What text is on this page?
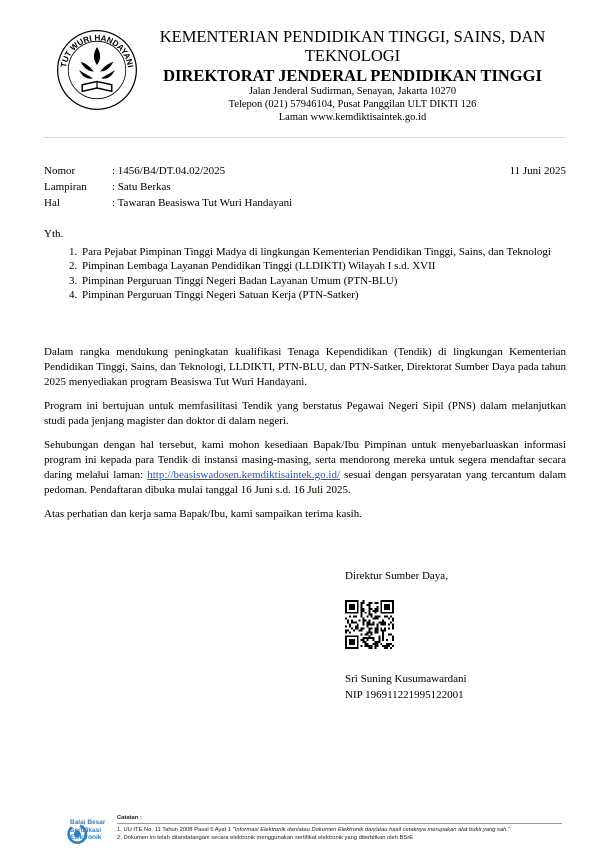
TUT WURI HANDAYANI
KEMENTERIAN PENDIDIKAN TINGGI, SAINS, DAN TEKNOLOGI
DIREKTORAT JENDERAL PENDIDIKAN TINGGI
Jalan Jenderal Sudirman, Senayan, Jakarta 10270
Telepon (021) 57946104, Pusat Panggilan ULT DIKTI 126
Laman www.kemdiktisaintek.go.id
Nomor	: 1456/B4/DT.04.02/2025	11 Juni 2025
Lampiran : Satu Berkas
Hal	: Tawaran Beasiswa Tut Wuri Handayani
Yth.
1. Para Pejabat Pimpinan Tinggi Madya di lingkungan Kementerian Pendidikan Tinggi, Sains, dan Teknologi
2. Pimpinan Lembaga Layanan Pendidikan Tinggi (LLDIKTI) Wilayah I s.d. XVII
3. Pimpinan Perguruan Tinggi Negeri Badan Layanan Umum (PTN-BLU)
4. Pimpinan Perguruan Tinggi Negeri Satuan Kerja (PTN-Satker)

Dalam rangka mendukung peningkatan kualifikasi Tenaga Kependidikan (Tendik) di lingkungan Kementerian Pendidikan Tinggi, Sains, dan Teknologi, LLDIKTI, PTN-BLU, dan PTN-Satker, Direktorat Sumber Daya pada tahun 2025 menyediakan program Beasiswa Tut Wuri Handayani.

Program ini bertujuan untuk memfasilitasi Tendik yang berstatus Pegawai Negeri Sipil (PNS) dalam melanjutkan studi pada jenjang magister dan doktor di dalam negeri.

Sehubungan dengan hal tersebut, kami mohon kesediaan Bapak/Ibu Pimpinan untuk menyebarluaskan informasi program ini kepada para Tendik di instansi masing-masing, serta mendorong mereka untuk segera mendaftar secara daring melalui laman: http://beasiswadosen.kemdiktisaintek.go.id/ sesuai dengan persyaratan yang tercantum dalam pedoman. Pendaftaran dibuka mulai tanggal 16 Juni s.d. 16 Juli 2025.

Atas perhatian dan kerja sama Bapak/Ibu, kami sampaikan terima kasih.

Direktur Sumber Daya,
Sri Suning Kusumawardani
NIP 196911221995122001
Balai Besar
Sertifikasi
Elektronik
Catatan :
1. UU ITE No. 11 Tahun 2008 Pasal 5 Ayat 1 "Informasi Elektronik dan/atau Dokumen Elektronik dan/atau hasil cetaknya merupakan alat bukti yang sah."
2. Dokumen ini telah ditandatangani secara elektronik menggunakan sertifikat elektronik yang diterbitkan oleh BSrE
